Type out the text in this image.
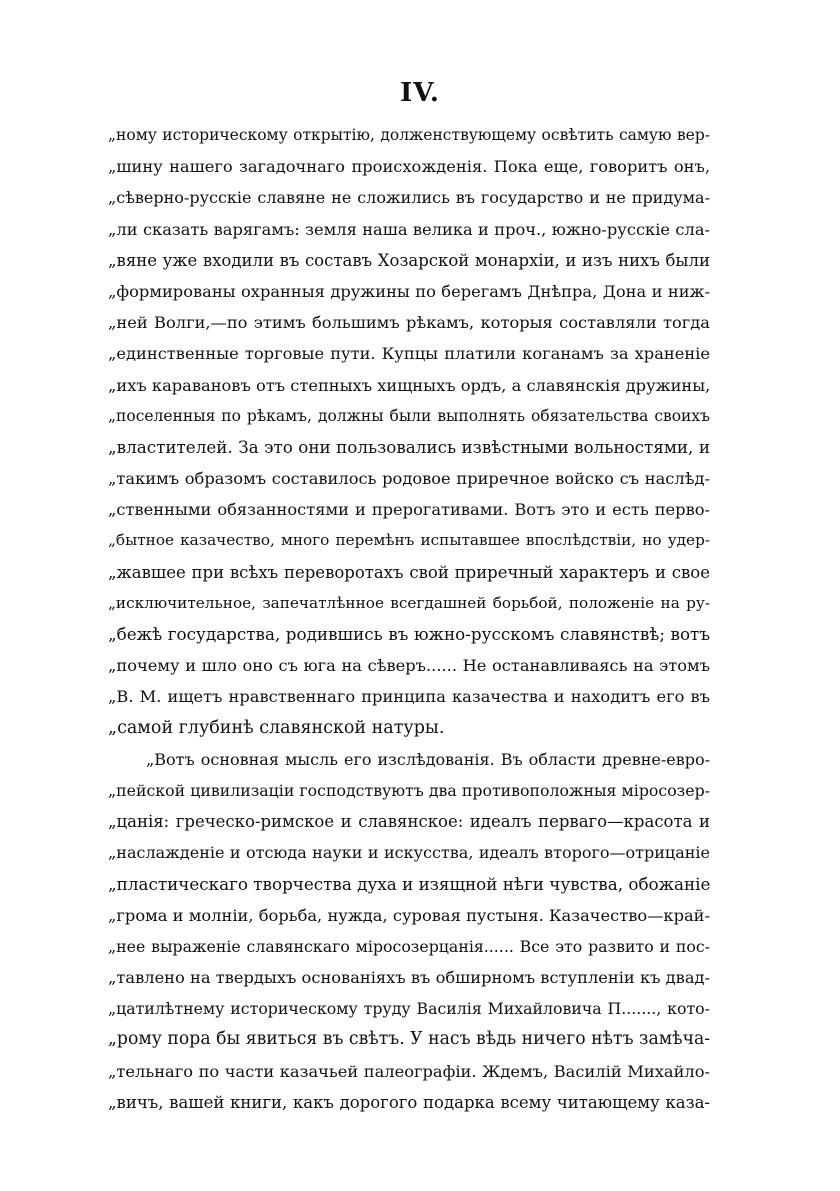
IV.

„ному историческому открытію, долженствующему освѣтить самую вер-
„шину нашего загадочнаго происхожденія. Пока еще, говоритъ онъ,
„сѣверно-русскіе славяне не сложились въ государство и не придума-
„ли сказать варягамъ: земля наша велика и проч., южно-русскіе сла-
„вяне уже входили въ составъ Хозарской монархіи, и изъ нихъ были
„формированы охранныя дружины по берегамъ Днѣпра, Дона и ниж-
„ней Волги,—по этимъ большимъ рѣкамъ, которыя составляли тогда
„единственные торговые пути. Купцы платили коганамъ за храненіе
„ихъ каравановъ отъ степныхъ хищныхъ ордъ, а славянскія дружины,
„поселенныя по рѣкамъ, должны были выполнять обязательства своихъ
„властителей. За это они пользовались извѣстными вольностями, и
„такимъ образомъ составилось родовое приречное войско съ наслѣд-
„ственными обязанностями и прерогативами. Вотъ это и есть перво-
„бытное казачество, много перемѣнъ испытавшее впослѣдствіи, но удер-
„жавшее при всѣхъ переворотахъ свой приречный характеръ и свое
„исключительное, запечатлѣнное всегдашней борьбой, положеніе на ру-
„бежѣ государства, родившись въ южно-русскомъ славянствѣ; вотъ
„почему и шло оно съ юга на сѣверъ...... Не останавливаясь на этомъ
„В. М. ищетъ нравственнаго принципа казачества и находитъ его въ
„самой глубинѣ славянской натуры.

„Вотъ основная мысль его изслѣдованія. Въ области древне-евро-
„пейской цивилизаціи господствуютъ два противоположныя міросозер-
„цанія: греческо-римское и славянское: идеалъ перваго—красота и
„наслажденіе и отсюда науки и искусства, идеалъ второго—отрицаніе
„пластическаго творчества духа и изящной нѣги чувства, обожаніе
„грома и молніи, борьба, нужда, суровая пустыня. Казачество—край-
„нее выраженіе славянскаго міросозерцанія...... Все это развито и пос-
„тавлено на твердыхъ основаніяхъ въ обширномъ вступленіи къ двад-
„цатилѣтнему историческому труду Василія Михайловича П......., кото-
„рому пора бы явиться въ свѣтъ. У насъ вѣдь ничего нѣтъ замѣча-
„тельнаго по части казачьей палеографіи. Ждемъ, Василій Михайло-
„вичъ, вашей книги, какъ дорогого подарка всему читающему каза-
